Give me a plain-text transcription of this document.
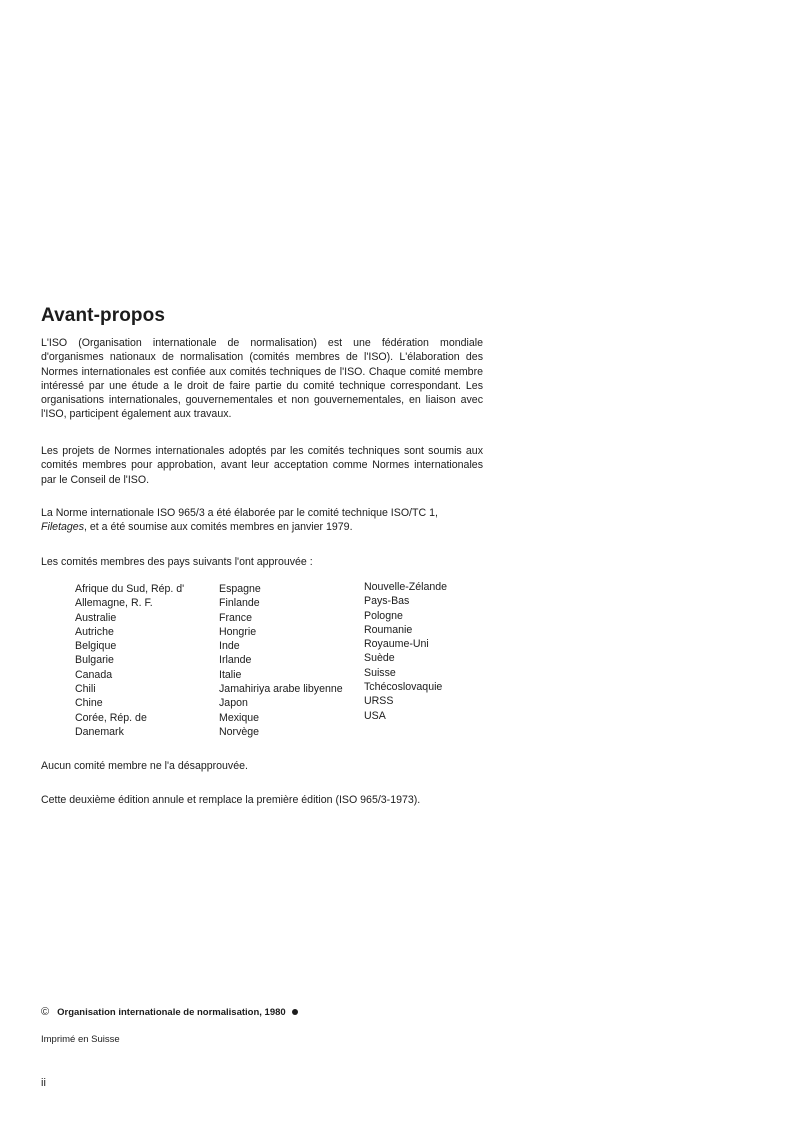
Avant-propos

L'ISO (Organisation internationale de normalisation) est une fédération mondiale d'organismes nationaux de normalisation (comités membres de l'ISO). L'élaboration des Normes internationales est confiée aux comités techniques de l'ISO. Chaque comité membre intéressé par une étude a le droit de faire partie du comité technique correspondant. Les organisations internationales, gouvernementales et non gouvernementales, en liaison avec l'ISO, participent également aux travaux.

Les projets de Normes internationales adoptés par les comités techniques sont soumis aux comités membres pour approbation, avant leur acceptation comme Normes internationales par le Conseil de l'ISO.

La Norme internationale ISO 965/3 a été élaborée par le comité technique ISO/TC 1,
Filetages, et a été soumise aux comités membres en janvier 1979.

Les comités membres des pays suivants l'ont approuvée :

Afrique du Sud, Rép. d'
Allemagne, R. F.
Australie
Autriche
Belgique
Bulgarie
Canada
Chili
Chine
Corée, Rép. de
Danemark
Espagne
Finlande
France
Hongrie
Inde
Irlande
Italie
Jamahiriya arabe libyenne
Japon
Mexique
Norvège
Nouvelle-Zélande
Pays-Bas
Pologne
Roumanie
Royaume-Uni
Suède
Suisse
Tchécoslovaquie
URSS
USA

Aucun comité membre ne l'a désapprouvée.

Cette deuxième édition annule et remplace la première édition (ISO 965/3-1973).

© Organisation internationale de normalisation, 1980
Imprimé en Suisse
ii
